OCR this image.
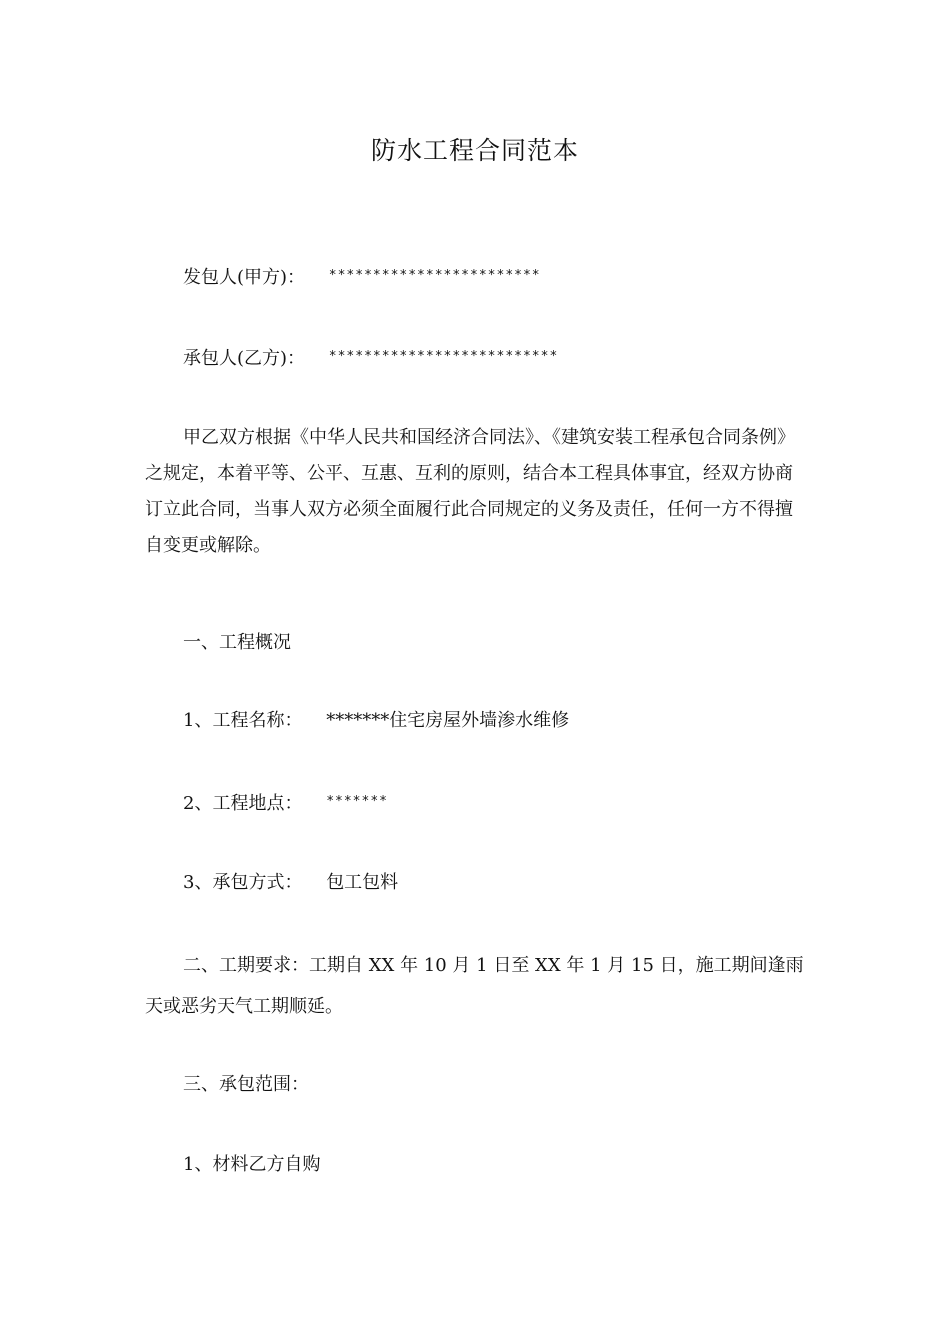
防水工程合同范本
发包人(甲方)： ************************
承包人(乙方)： **************************
甲乙双方根据《中华人民共和国经济合同法》、《建筑安装工程承包合同条例》之规定，本着平等、公平、互惠、互利的原则，结合本工程具体事宜，经双方协商订立此合同，当事人双方必须全面履行此合同规定的义务及责任，任何一方不得擅自变更或解除。
一、工程概况
1、工程名称： *******住宅房屋外墙渗水维修
2、工程地点： *******
3、承包方式： 包工包料
二、工期要求：工期自 XX 年 10 月 1 日至 XX 年 1 月 15 日，施工期间逢雨天或恶劣天气工期顺延。
三、承包范围：
1、材料乙方自购
